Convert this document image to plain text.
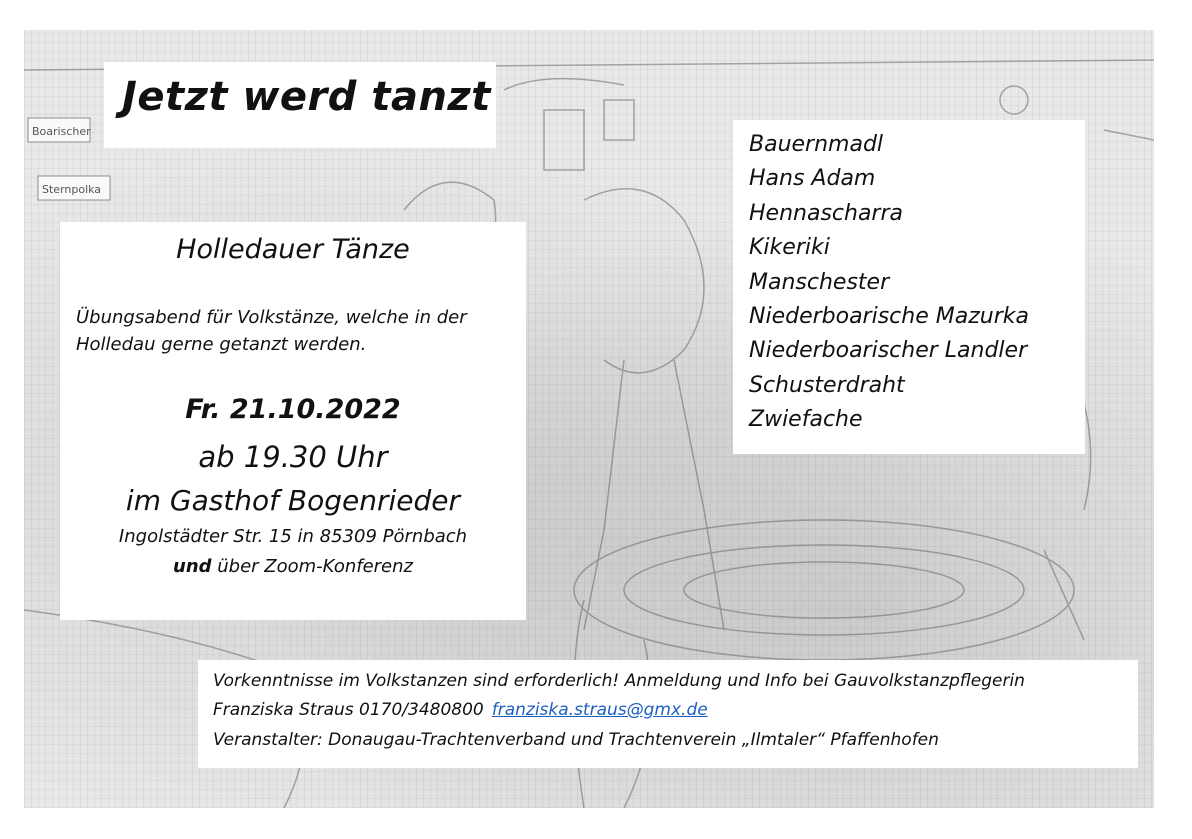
Boarischer
Sternpolka
Jetzt werd tanzt
Holledauer Tänze
Übungsabend für Volkstänze, welche in der Holledau gerne getanzt werden.
Fr. 21.10.2022
ab 19.30 Uhr
im Gasthof Bogenrieder
Ingolstädter Str. 15 in 85309 Pörnbach
und über Zoom-Konferenz
Bauernmadl
Hans Adam
Hennascharra
Kikeriki
Manschester
Niederboarische Mazurka
Niederboarischer Landler
Schusterdraht
Zwiefache
Vorkenntnisse im Volkstanzen sind erforderlich! Anmeldung und Info bei Gauvolkstanzpflegerin
Franziska Straus 0170/3480800 franziska.straus@gmx.de
Veranstalter: Donaugau-Trachtenverband und Trachtenverein „Ilmtaler“ Pfaffenhofen
